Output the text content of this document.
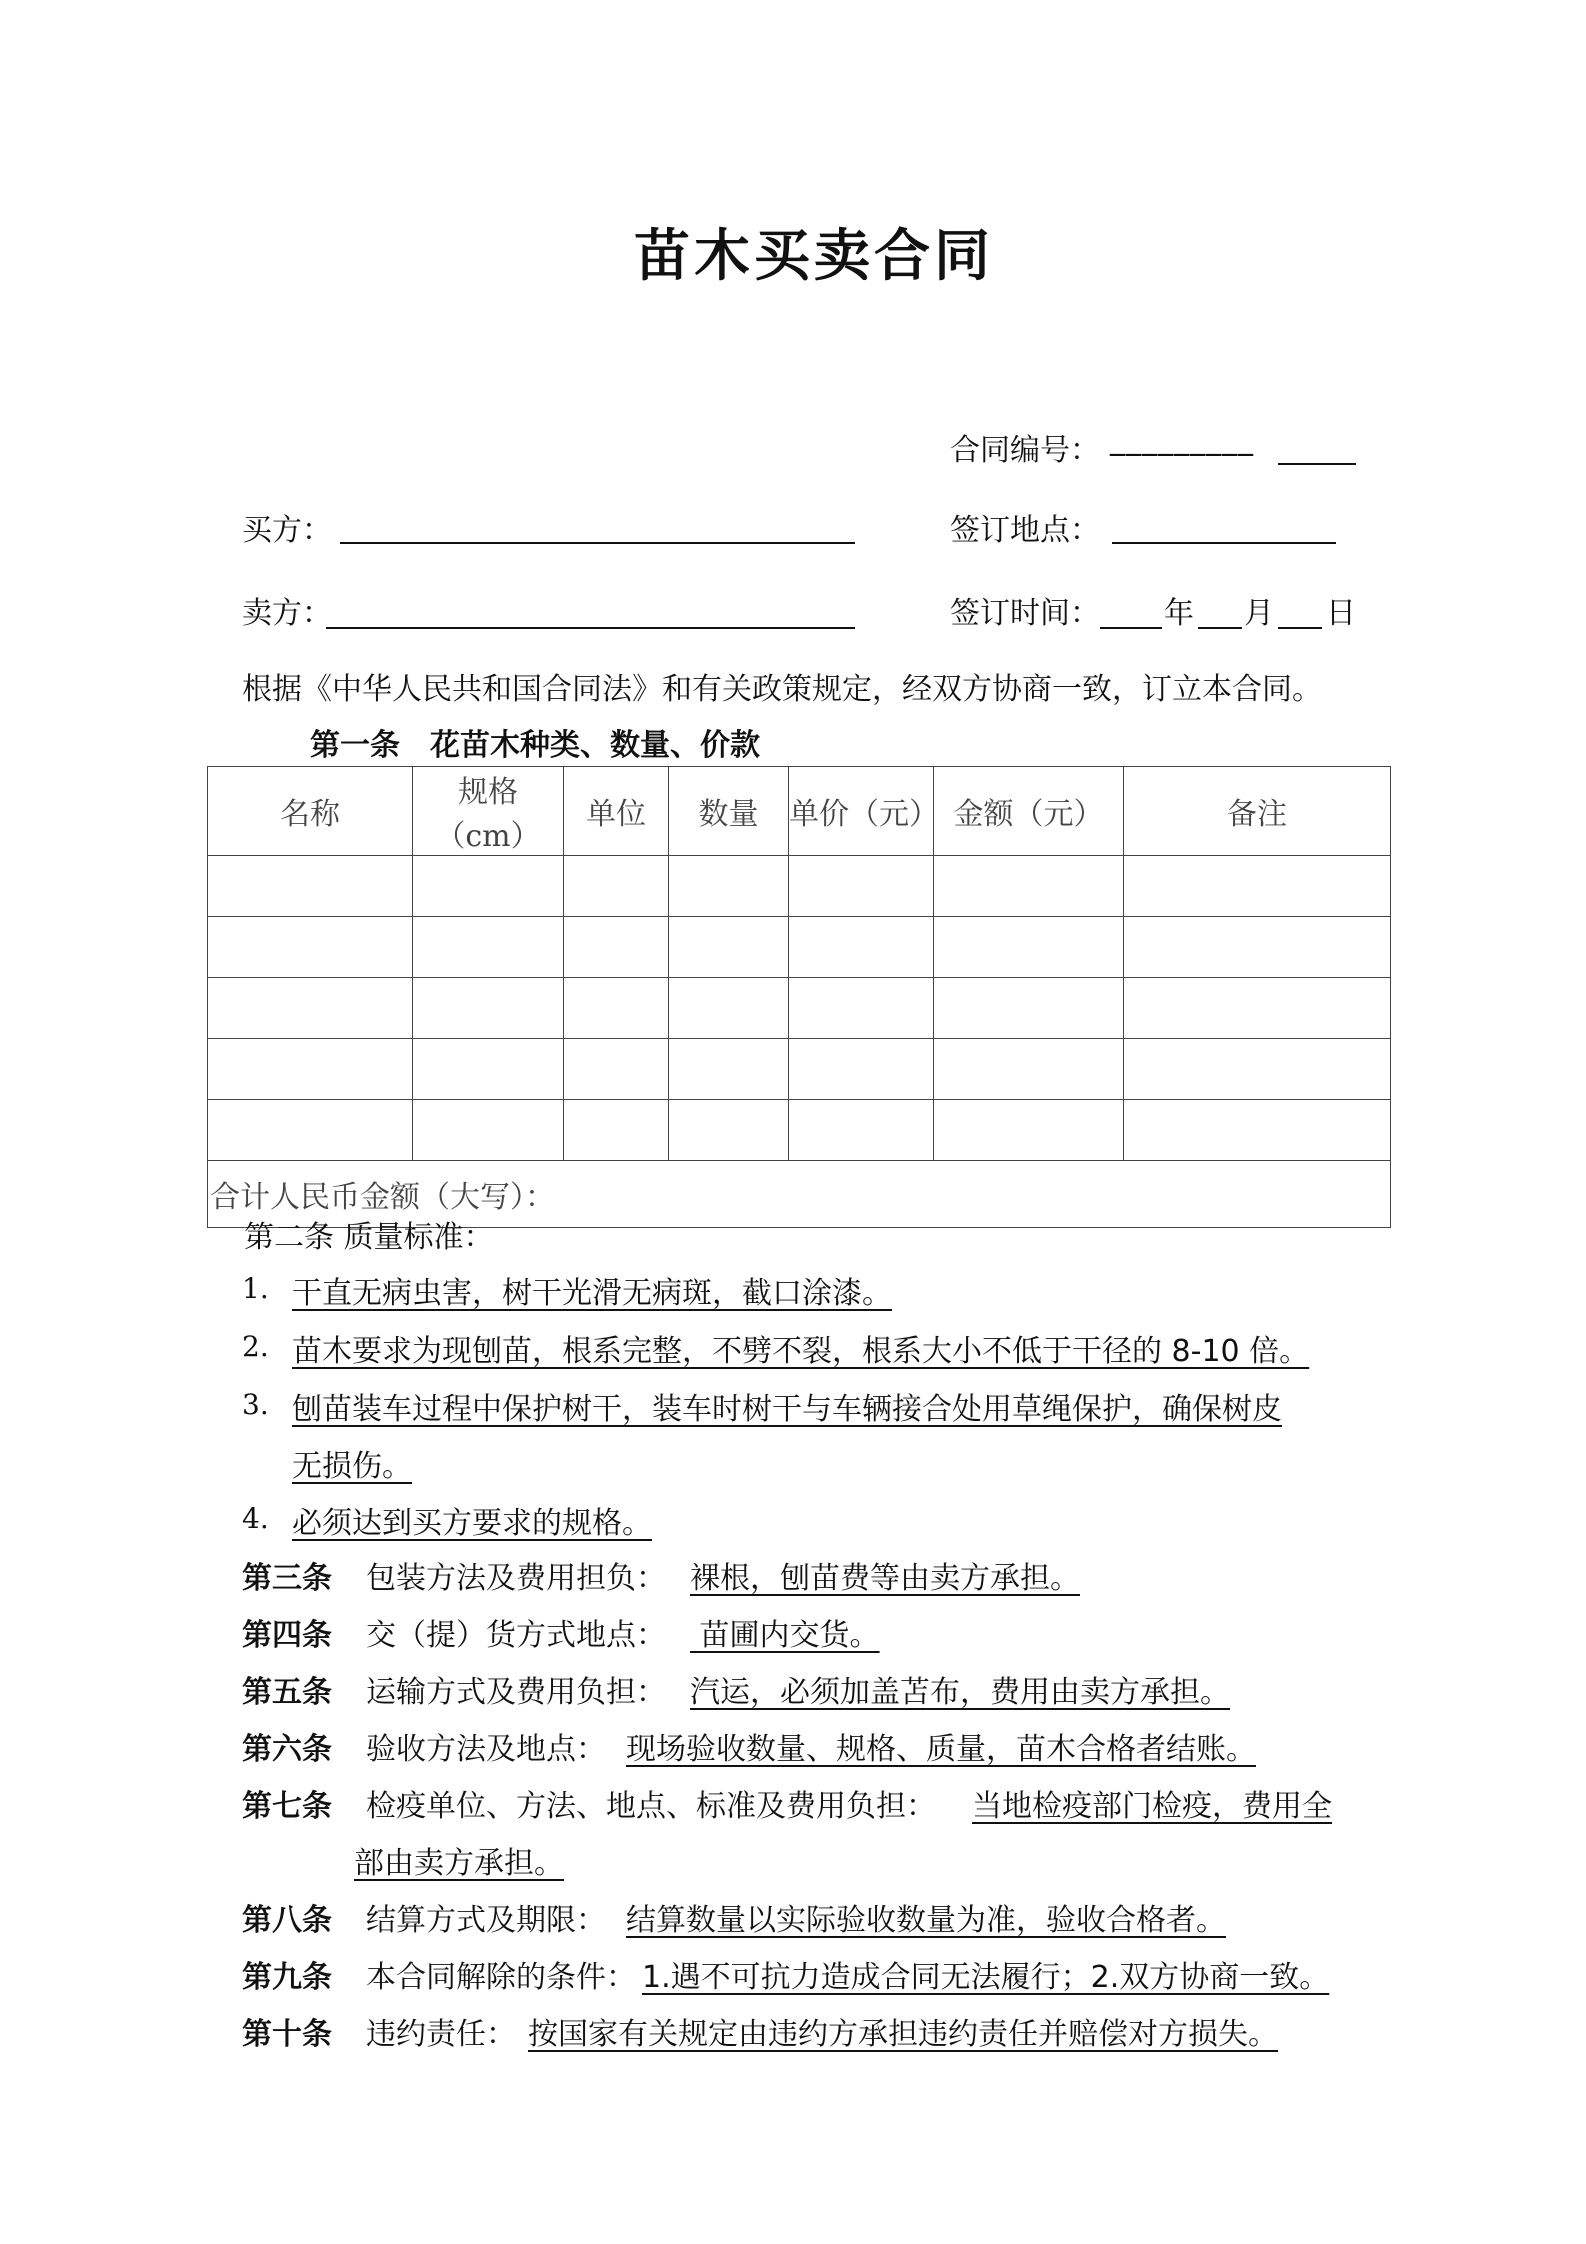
苗木买卖合同
合同编号： _________
买方：	签订地点：
卖方：	签订时间： 年 月 日
根据《中华人民共和国合同法》和有关政策规定，经双方协商一致，订立本合同。
第一条　花苗木种类、数量、价款
名称	规格（cm）	单位	数量	单价（元）	金额（元）	备注

合计人民币金额（大写）：						
第二条 质量标准：
1. 干直无病虫害，树干光滑无病斑，截口涂漆。
2. 苗木要求为现刨苗，根系完整，不劈不裂，根系大小不低于干径的 8-10 倍。
3. 刨苗装车过程中保护树干，装车时树干与车辆接合处用草绳保护，确保树皮
无损伤。
4. 必须达到买方要求的规格。
第三条 包装方法及费用担负： 裸根，刨苗费等由卖方承担。
第四条 交（提）货方式地点： 苗圃内交货。
第五条 运输方式及费用负担： 汽运，必须加盖苫布，费用由卖方承担。
第六条 验收方法及地点： 现场验收数量、规格、质量，苗木合格者结账。
第七条 检疫单位、方法、地点、标准及费用负担： 当地检疫部门检疫，费用全
部由卖方承担。
第八条 结算方式及期限： 结算数量以实际验收数量为准，验收合格者。
第九条 本合同解除的条件： 1.遇不可抗力造成合同无法履行；2.双方协商一致。
第十条 违约责任： 按国家有关规定由违约方承担违约责任并赔偿对方损失。
